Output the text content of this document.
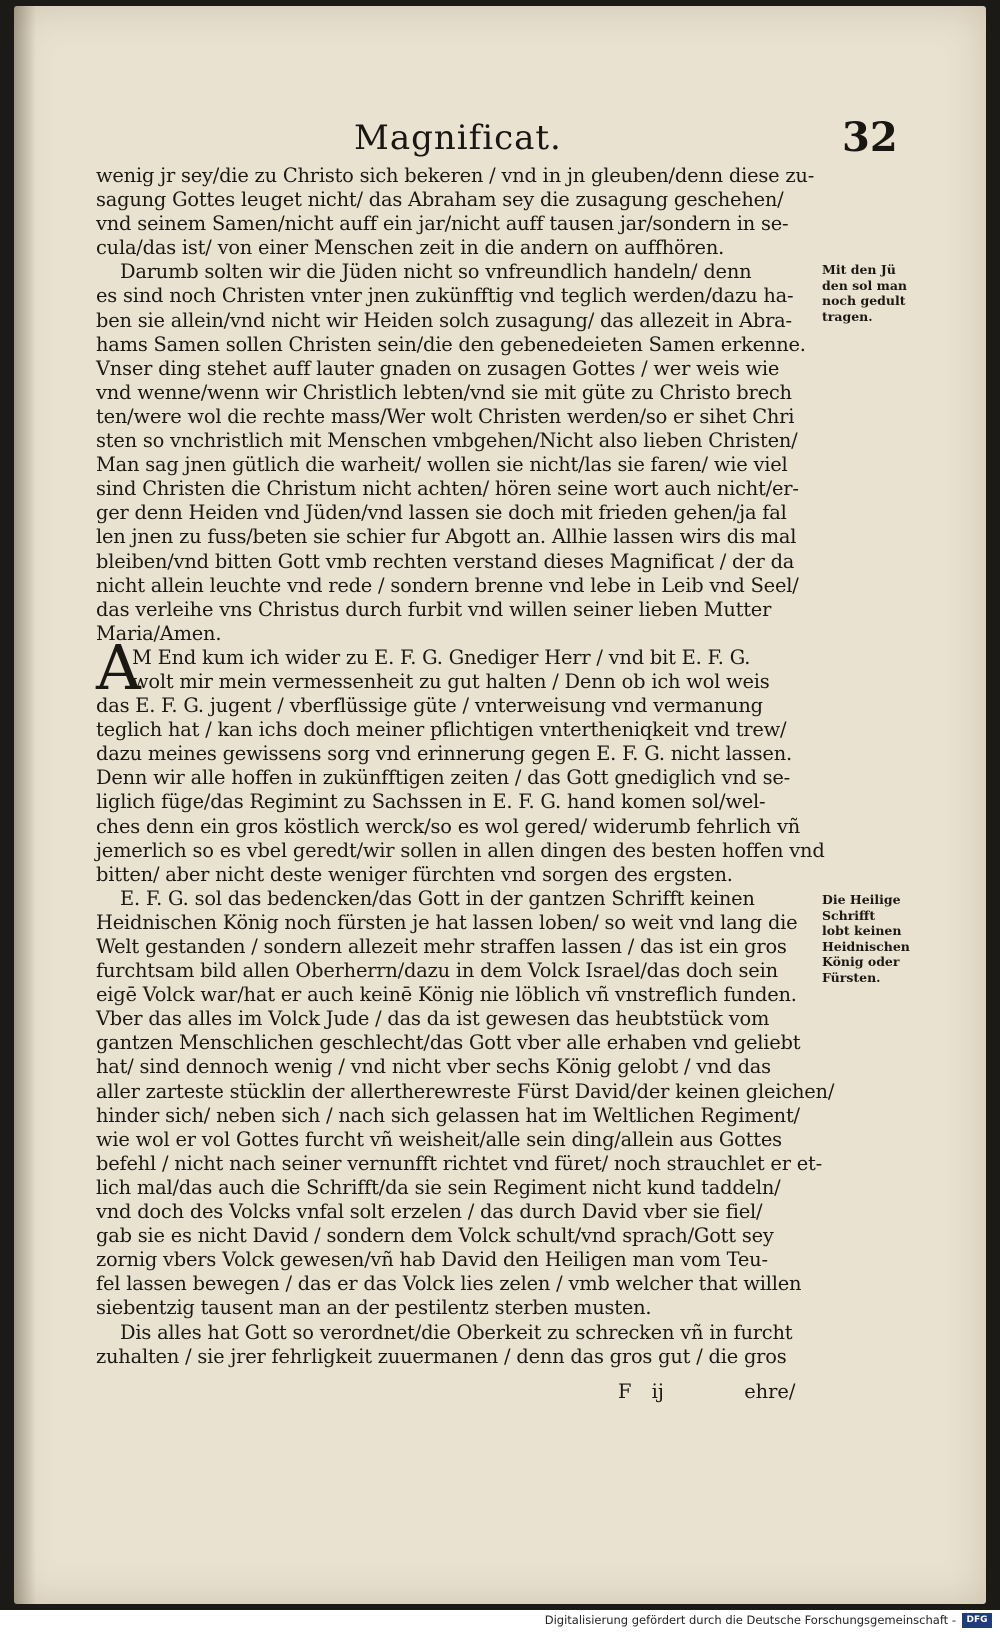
Magnificat.	32
wenig jr sey/die zu Christo sich bekeren / vnd in jn gleuben/denn diese zu-
sagung Gottes leuget nicht/ das Abraham sey die zusagung geschehen/
vnd seinem Samen/nicht auff ein jar/nicht auff tausen jar/sondern in se-
cula/das ist/ von einer Menschen zeit in die andern on auffhören.
Darumb solten wir die Jüden nicht so vnfreundlich handeln/ denn
es sind noch Christen vnter jnen zukünfftig vnd teglich werden/dazu ha-
ben sie allein/vnd nicht wir Heiden solch zusagung/ das allezeit in Abra-
hams Samen sollen Christen sein/die den gebenedeieten Samen erkenne.
Vnser ding stehet auff lauter gnaden on zusagen Gottes / wer weis wie
vnd wenne/wenn wir Christlich lebten/vnd sie mit güte zu Christo brech
ten/were wol die rechte mass/Wer wolt Christen werden/so er sihet Chri
sten so vnchristlich mit Menschen vmbgehen/Nicht also lieben Christen/
Man sag jnen gütlich die warheit/ wollen sie nicht/las sie faren/ wie viel
sind Christen die Christum nicht achten/ hören seine wort auch nicht/er-
ger denn Heiden vnd Jüden/vnd lassen sie doch mit frieden gehen/ja fal
len jnen zu fuss/beten sie schier fur Abgott an. Allhie lassen wirs dis mal
bleiben/vnd bitten Gott vmb rechten verstand dieses Magnificat / der da
nicht allein leuchte vnd rede / sondern brenne vnd lebe in Leib vnd Seel/
das verleihe vns Christus durch furbit vnd willen seiner lieben Mutter
Maria/Amen.
M End kum ich wider zu E. F. G. Gnediger Herr / vnd bit E. F. G.
wolt mir mein vermessenheit zu gut halten / Denn ob ich wol weis
das E. F. G. jugent / vberflüssige güte / vnterweisung vnd vermanung
teglich hat / kan ichs doch meiner pflichtigen vntertheniqkeit vnd trew/
dazu meines gewissens sorg vnd erinnerung gegen E. F. G. nicht lassen.
Denn wir alle hoffen in zukünfftigen zeiten / das Gott gnediglich vnd se-
liglich füge/das Regimint zu Sachssen in E. F. G. hand komen sol/wel-
ches denn ein gros köstlich werck/so es wol gered/ widerumb fehrlich vñ
jemerlich so es vbel geredt/wir sollen in allen dingen des besten hoffen vnd
bitten/ aber nicht deste weniger fürchten vnd sorgen des ergsten.
E. F. G. sol das bedencken/das Gott in der gantzen Schrifft keinen
Heidnischen König noch fürsten je hat lassen loben/ so weit vnd lang die
Welt gestanden / sondern allezeit mehr straffen lassen / das ist ein gros
furchtsam bild allen Oberherrn/dazu in dem Volck Israel/das doch sein
eigē Volck war/hat er auch keinē König nie löblich vñ vnstreflich funden.
Vber das alles im Volck Jude / das da ist gewesen das heubtstück vom
gantzen Menschlichen geschlecht/das Gott vber alle erhaben vnd geliebt
hat/ sind dennoch wenig / vnd nicht vber sechs König gelobt / vnd das
aller zarteste stücklin der allertherewreste Fürst David/der keinen gleichen/
hinder sich/ neben sich / nach sich gelassen hat im Weltlichen Regiment/
wie wol er vol Gottes furcht vñ weisheit/alle sein ding/allein aus Gottes
befehl / nicht nach seiner vernunfft richtet vnd füret/ noch strauchlet er et-
lich mal/das auch die Schrifft/da sie sein Regiment nicht kund taddeln/
vnd doch des Volcks vnfal solt erzelen / das durch David vber sie fiel/
gab sie es nicht David / sondern dem Volck schult/vnd sprach/Gott sey
zornig vbers Volck gewesen/vñ hab David den Heiligen man vom Teu-
fel lassen bewegen / das er das Volck lies zelen / vmb welcher that willen
siebentzig tausent man an der pestilentz sterben musten.
Dis alles hat Gott so verordnet/die Oberkeit zu schrecken vñ in furcht
zuhalten / sie jrer fehrligkeit zuuermanen / denn das gros gut / die gros
A
Mit den Jü
den sol man
noch gedult
tragen.
Die Heilige
Schrifft
lobt keinen
Heidnischen
König oder
Fürsten.
F ij	ehre/
Digitalisierung gefördert durch die Deutsche Forschungsgemeinschaft -	DFG
